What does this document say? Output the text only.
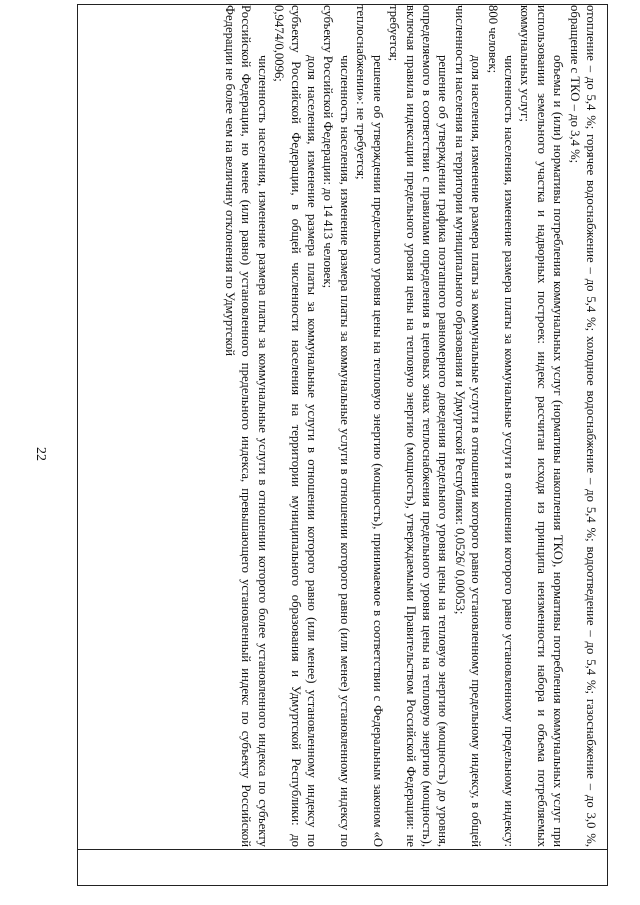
22	отопление – до 5,4 %; горячее водоснабжение – до 5,4 %; холодное водоснабжение – до 5,4 %; водоотведение – до 5,4 %; газоснабжение – до 3,0 %, обращение с ТКО – до 3,4 %;

объемы и (или) нормативы потребления коммунальных услуг (нормативы накопления ТКО), нормативы потребления коммунальных услуг при использовании земельного участка и надворных построек: индекс рассчитан исходя из принципа неизменности набора и объема потребляемых коммунальных услуг;

численность населения, изменение размера платы за коммунальные услуги в отношении которого равно установленному предельному индексу: 800 человек;

доля населения, изменение размера платы за коммунальные услуги в отношении которого равно установленному предельному индексу, в общей численности населения на территории муниципального образования и Удмуртской Республики: 0,0526/ 0,00053;

решение об утверждении графика поэтапного равномерного доведения предельного уровня цены на тепловую энергию (мощность) до уровня, определяемого в соответствии с правилами определения в ценовых зонах теплоснабжения предельного уровня цены на тепловую энергию (мощность), включая правила индексации предельного уровня цены на тепловую энергию (мощность), утверждаемыми Правительством Российской Федерации: не требуется;

решение об утверждении предельного уровня цены на тепловую энергию (мощность), принимаемое в соответствии с Федеральным законом «О теплоснабжении»: не требуется;

численность населения, изменение размера платы за коммунальные услуги в отношении которого равно (или менее) установленному индексу по субъекту Российской Федерации: до 14 413 человек;

доля населения, изменение размера платы за коммунальные услуги в отношении которого равно (или менее) установленному индексу по субъекту Российской Федерации, в общей численности населения на территории муниципального образования и Удмуртской Республики: до 0,9474/0,0096;

численность населения, изменение размера платы за коммунальные услуги в отношении которого более установленного индекса по субъекту Российской Федерации, но менее (или равно) установленного предельного индекса, превышающего установленный индекс по субъекту Российской Федерации не более чем на величину отклонения по Удмуртской
